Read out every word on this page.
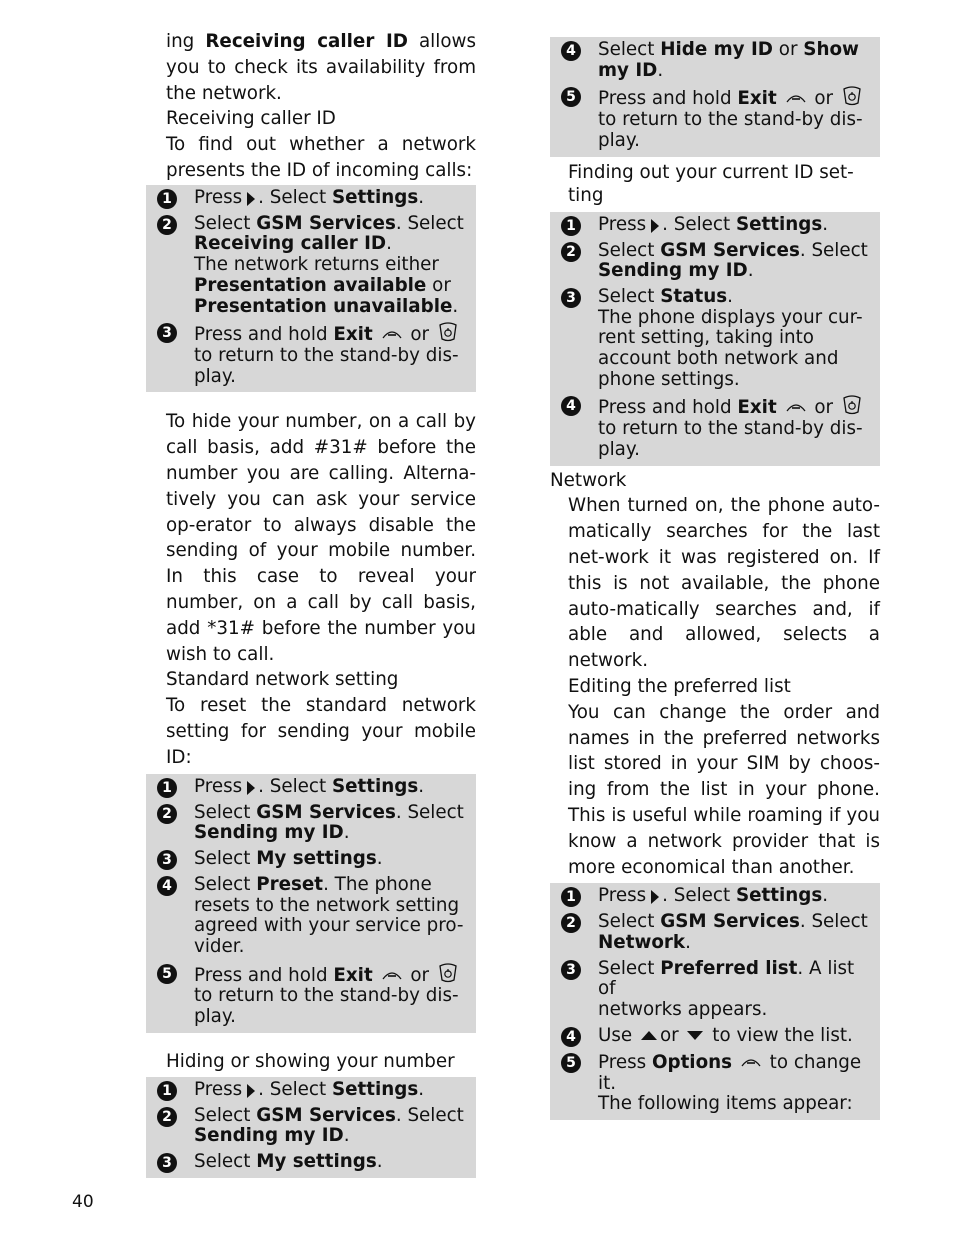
ing Receiving caller ID allows you to check its availability from the network.

Receiving caller ID

To find out whether a network presents the ID of incoming calls:

1 Press . Select Settings.
2 Select GSM Services. Select
Receiving caller ID.
The network returns either
Presentation available or
Presentation unavailable.
3 Press and hold Exit or
to return to the stand-by dis-play.

To hide your number, on a call by call basis, add #31# before the number you are calling. Alterna-tively you can ask your service op-erator to always disable the sending of your mobile number. In this case to reveal your number, on a call by call basis, add *31# before the number you wish to call.

Standard network setting

To reset the standard network setting for sending your mobile ID:

1 Press . Select Settings.
2 Select GSM Services. Select
Sending my ID.
3 Select My settings.
4 Select Preset. The phone
resets to the network setting
agreed with your service pro-
vider.
5 Press and hold Exit or
to return to the stand-by dis-
play.

Hiding or showing your number

1 Press . Select Settings.
2 Select GSM Services. Select
Sending my ID.
3 Select My settings.
4 Select Hide my ID or Show
my ID.
5 Press and hold Exit or
to return to the stand-by dis-
play.

Finding out your current ID set-
ting

1 Press . Select Settings.
2 Select GSM Services. Select
Sending my ID.
3 Select Status.
The phone displays your cur-
rent setting, taking into
account both network and
phone settings.
4 Press and hold Exit or
to return to the stand-by dis-
play.

Network

When turned on, the phone auto-matically searches for the last net-work it was registered on. If this is not available, the phone auto-matically searches and, if able and allowed, selects a network.

Editing the preferred list

You can change the order and names in the preferred networks list stored in your SIM by choos-ing from the list in your phone. This is useful while roaming if you know a network provider that is more economical than another.

1 Press . Select Settings.
2 Select GSM Services. Select
Network.
3 Select Preferred list. A list of
networks appears.
4 Use or to view the list.
5 Press Options to change it.
The following items appear:
40
